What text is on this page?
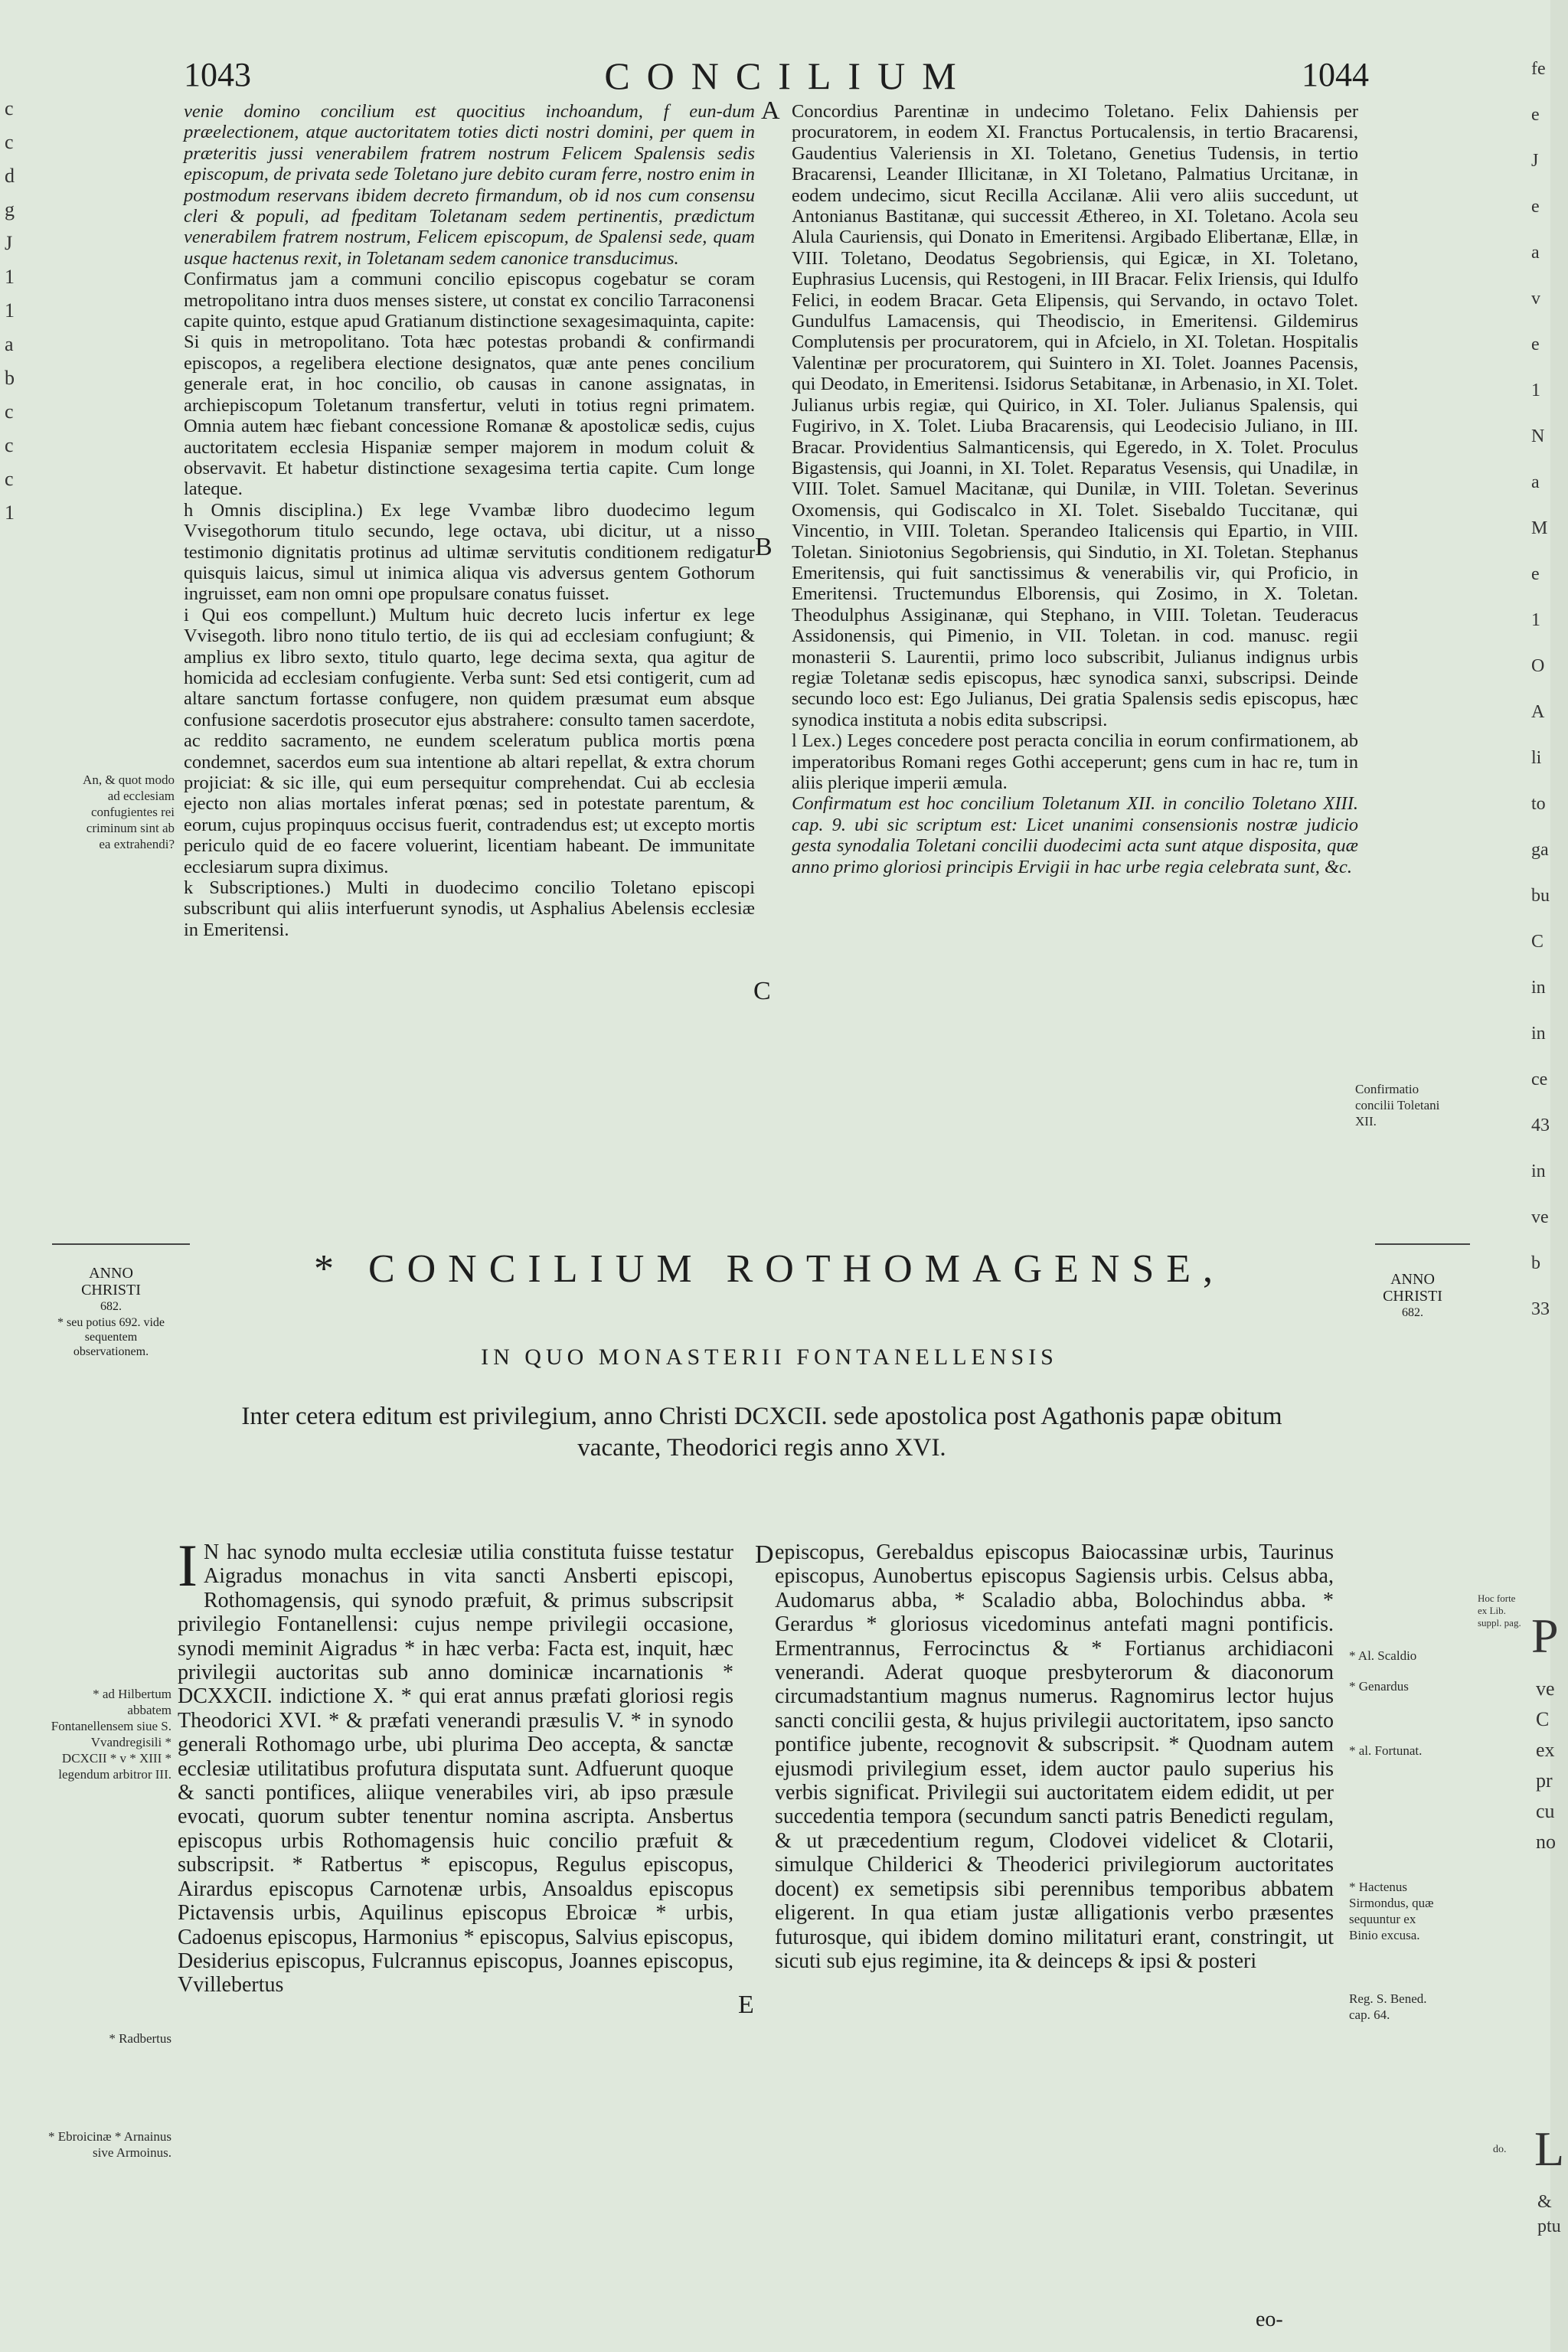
1043	CONCILIUM	1044

venie domino concilium est quocitius inchoandum, f eun-dum præelectionem, atque auctoritatem toties dicti nostri domini, per quem in præteritis jussi venerabilem fratrem nostrum Felicem Spalensis sedis episcopum, de privata sede Toletano jure debito curam ferre, nostro enim in postmodum reservans ibidem decreto firmandum, ob id nos cum consensu cleri & populi, ad fpeditam Toletanam sedem pertinentis, prædictum venerabilem fratrem nostrum, Felicem episcopum, de Spalensi sede, quam usque hactenus rexit, in Toletanam sedem canonice transducimus.

Confirmatus jam a communi concilio episcopus cogebatur se coram metropolitano intra duos menses sistere, ut constat ex concilio Tarraconensi capite quinto, estque apud Gratianum distinctione sexagesimaquinta, capite: Si quis in metropolitano. Tota hæc potestas probandi & confirmandi episcopos, a regelibera electione designatos, quæ ante penes concilium generale erat, in hoc concilio, ob causas in canone assignatas, in archiepiscopum Toletanum transfertur, veluti in totius regni primatem. Omnia autem hæc fiebant concessione Romanæ & apostolicæ sedis, cujus auctoritatem ecclesia Hispaniæ semper majorem in modum coluit & observavit. Et habetur distinctione sexagesima tertia capite. Cum longe lateque.

h Omnis disciplina.) Ex lege Vvambæ libro duodecimo legum Vvisegothorum titulo secundo, lege octava, ubi dicitur, ut a nisso testimonio dignitatis protinus ad ultimæ servitutis conditionem redigatur quisquis laicus, simul ut inimica aliqua vis adversus gentem Gothorum ingruisset, eam non omni ope propulsare conatus fuisset.

i Qui eos compellunt.) Multum huic decreto lucis infertur ex lege Vvisegoth. libro nono titulo tertio, de iis qui ad ecclesiam confugiunt; & amplius ex libro sexto, titulo quarto, lege decima sexta, qua agitur de homicida ad ecclesiam confugiente. Verba sunt: Sed etsi contigerit, cum ad altare sanctum fortasse confugere, non quidem præsumat eum absque confusione sacerdotis prosecutor ejus abstrahere: consulto tamen sacerdote, ac reddito sacramento, ne eundem sceleratum publica mortis pœna condemnet, sacerdos eum sua intentione ab altari repellat, & extra chorum projiciat: & sic ille, qui eum persequitur comprehendat. Cui ab ecclesia ejecto non alias mortales inferat pœnas; sed in potestate parentum, & eorum, cujus propinquus occisus fuerit, contradendus est; ut excepto mortis periculo quid de eo facere voluerint, licentiam habeant. De immunitate ecclesiarum supra diximus.

k Subscriptiones.) Multi in duodecimo concilio Toletano episcopi subscribunt qui aliis interfuerunt synodis, ut Asphalius Abelensis ecclesiæ in Emeritensi.

A
B
C
D
E

Concordius Parentinæ in undecimo Toletano. Felix Dahiensis per procuratorem, in eodem XI. Franctus Portucalensis, in tertio Bracarensi, Gaudentius Valeriensis in XI. Toletano, Genetius Tudensis, in tertio Bracarensi, Leander Illicitanæ, in XI Toletano, Palmatius Urcitanæ, in eodem undecimo, sicut Recilla Accilanæ. Alii vero aliis succedunt, ut Antonianus Bastitanæ, qui successit Æthereo, in XI. Toletano. Acola seu Alula Cauriensis, qui Donato in Emeritensi. Argibado Elibertanæ, Ellæ, in VIII. Toletano, Deodatus Segobriensis, qui Egicæ, in XI. Toletano, Euphrasius Lucensis, qui Restogeni, in III Bracar. Felix Iriensis, qui Idulfo Felici, in eodem Bracar. Geta Elipensis, qui Servando, in octavo Tolet. Gundulfus Lamacensis, qui Theodiscio, in Emeritensi. Gildemirus Complutensis per procuratorem, qui in Afcielo, in XI. Toletan. Hospitalis Valentinæ per procuratorem, qui Suintero in XI. Tolet. Joannes Pacensis, qui Deodato, in Emeritensi. Isidorus Setabitanæ, in Arbenasio, in XI. Tolet. Julianus urbis regiæ, qui Quirico, in XI. Toler. Julianus Spalensis, qui Fugirivo, in X. Tolet. Liuba Bracarensis, qui Leodecisio Juliano, in III. Bracar. Providentius Salmanticensis, qui Egeredo, in X. Tolet. Proculus Bigastensis, qui Joanni, in XI. Tolet. Reparatus Vesensis, qui Unadilæ, in VIII. Tolet. Samuel Macitanæ, qui Dunilæ, in VIII. Toletan. Severinus Oxomensis, qui Godiscalco in XI. Tolet. Sisebaldo Tuccitanæ, qui Vincentio, in VIII. Toletan. Sperandeo Italicensis qui Epartio, in VIII. Toletan. Siniotonius Segobriensis, qui Sindutio, in XI. Toletan. Stephanus Emeritensis, qui fuit sanctissimus & venerabilis vir, qui Proficio, in Emeritensi. Tructemundus Elborensis, qui Zosimo, in X. Toletan. Theodulphus Assiginanæ, qui Stephano, in VIII. Toletan. Teuderacus Assidonensis, qui Pimenio, in VII. Toletan. in cod. manusc. regii monasterii S. Laurentii, primo loco subscribit, Julianus indignus urbis regiæ Toletanæ sedis episcopus, hæc synodica sanxi, subscripsi. Deinde secundo loco est: Ego Julianus, Dei gratia Spalensis sedis episcopus, hæc synodica instituta a nobis edita subscripsi.

l Lex.) Leges concedere post peracta concilia in eorum confirmationem, ab imperatoribus Romani reges Gothi acceperunt; gens cum in hac re, tum in aliis plerique imperii æmula.

Confirmatum est hoc concilium Toletanum XII. in concilio Toletano XIII. cap. 9. ubi sic scriptum est: Licet unanimi consensionis nostræ judicio gesta synodalia Toletani concilii duodecimi acta sunt atque disposita, quæ anno primo gloriosi principis Ervigii in hac urbe regia celebrata sunt, &c.

An, & quot modo ad ecclesiam confugientes rei criminum sint ab ea extrahendi?
Confirmatio concilii Toletani XII.
ANNO
CHRISTI
682.
* seu potius 692. vide sequentem observationem.
ANNO
CHRISTI
682.
* CONCILIUM ROTHOMAGENSE,
IN QUO MONASTERII FONTANELLENSIS
Inter cetera editum est privilegium, anno Christi DCXCII. sede apostolica post Agathonis papæ obitum vacante, Theodorici regis anno XVI.
I N hac synodo multa ecclesiæ utilia constituta fuisse testatur Aigradus monachus in vita sancti Ansberti episcopi, Rothomagensis, qui synodo præfuit, & primus subscripsit privilegio Fontanellensi: cujus nempe privilegii occasione, synodi meminit Aigradus * in hæc verba: Facta est, inquit, hæc privilegii auctoritas sub anno dominicæ incarnationis * DCXXCII. indictione X. * qui erat annus præfati gloriosi regis Theodorici XVI. * & præfati venerandi præsulis V. * in synodo generali Rothomago urbe, ubi plurima Deo accepta, & sanctæ ecclesiæ utilitatibus profutura disputata sunt. Adfuerunt quoque & sancti pontifices, aliique venerabiles viri, ab ipso præsule evocati, quorum subter tenentur nomina ascripta. Ansbertus episcopus urbis Rothomagensis huic concilio præfuit & subscripsit. * Ratbertus * episcopus, Regulus episcopus, Airardus episcopus Carnotenæ urbis, Ansoaldus episcopus Pictavensis urbis, Aquilinus episcopus Ebroicæ * urbis, Cadoenus episcopus, Harmonius * episcopus, Salvius episcopus, Desiderius episcopus, Fulcrannus episcopus, Joannes episcopus, Vvillebertus
episcopus, Gerebaldus episcopus Baiocassinæ urbis, Taurinus episcopus, Aunobertus episcopus Sagiensis urbis. Celsus abba, Audomarus abba, * Scaladio abba, Bolochindus abba. * Gerardus * gloriosus vicedominus antefati magni pontificis. Ermentrannus, Ferrocinctus & * Fortianus archidiaconi venerandi. Aderat quoque presbyterorum & diaconorum circumadstantium magnus numerus. Ragnomirus lector hujus sancti concilii gesta, & hujus privilegii auctoritatem, ipso sancto pontifice jubente, recognovit & subscripsit. * Quodnam autem ejusmodi privilegium esset, idem auctor paulo superius his verbis significat. Privilegii sui auctoritatem eidem edidit, ut per succedentia tempora (secundum sancti patris Benedicti regulam, & ut præcedentium regum, Clodovei videlicet & Clotarii, simulque Childerici & Theoderici privilegiorum auctoritates docent) ex semetipsis sibi perennibus temporibus abbatem eligerent. In qua etiam justæ alligationis verbo præsentes futurosque, qui ibidem domino militaturi erant, constringit, ut sicuti sub ejus regimine, ita & deinceps & ipsi & posteri
* ad Hilbertum abbatem Fontanellensem siue S. Vvandregisili * DCXCII * v * XIII * legendum arbitror III.
* Radbertus
* Ebroicinæ * Arnainus sive Armoinus.
* Al. Scaldio
* Genardus
* al. Fortunat.
* Hactenus Sirmondus, quæ sequuntur ex Binio excusa.
Reg. S. Bened. cap. 64.
eo-
c
c
d
g
J
1
1
a
b
c
c
c
1
fe
e
J
e
a
v
e
1
N
a
M
e
1
O
A
li
to
ga
bu
C
in
in
ce
43
in
ve
b
33
Hoc forte ex Lib. suppl. pag. P
ve
C
ex
pr
cu
no
do. L
&
ptu
